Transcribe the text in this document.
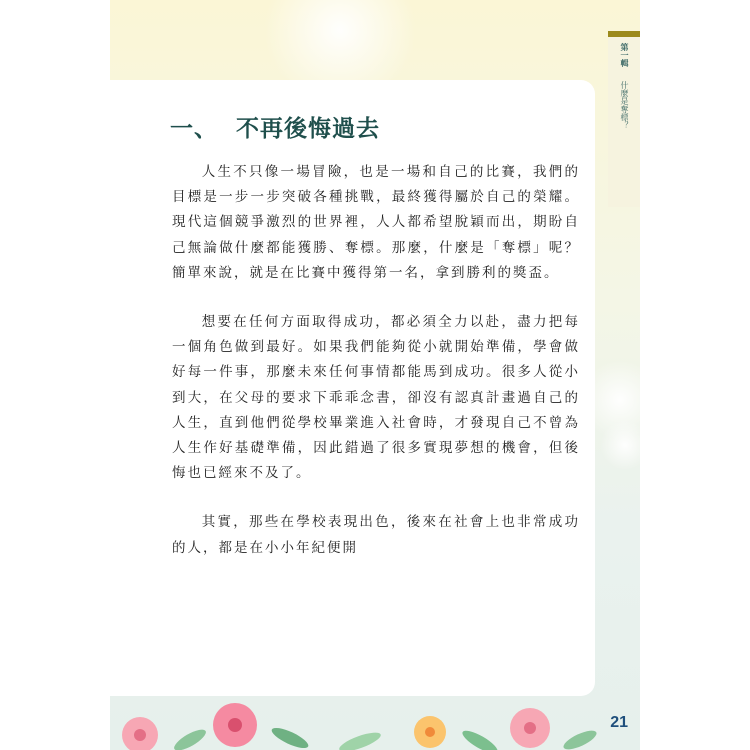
一、 不再後悔過去

人生不只像一場冒險，也是一場和自己的比賽，我們的目標是一步一步突破各種挑戰，最終獲得屬於自己的榮耀。現代這個競爭激烈的世界裡，人人都希望脫穎而出，期盼自己無論做什麼都能獲勝、奪標。那麼，什麼是「奪標」呢？簡單來說，就是在比賽中獲得第一名，拿到勝利的獎盃。

想要在任何方面取得成功，都必須全力以赴，盡力把每一個角色做到最好。如果我們能夠從小就開始準備，學會做好每一件事，那麼未來任何事情都能馬到成功。很多人從小到大，在父母的要求下乖乖念書，卻沒有認真計畫過自己的人生，直到他們從學校畢業進入社會時，才發現自己不曾為人生作好基礎準備，因此錯過了很多實現夢想的機會，但後悔也已經來不及了。

其實，那些在學校表現出色，後來在社會上也非常成功的人，都是在小小年紀便開

第一輯
什麼是奪標？
21
